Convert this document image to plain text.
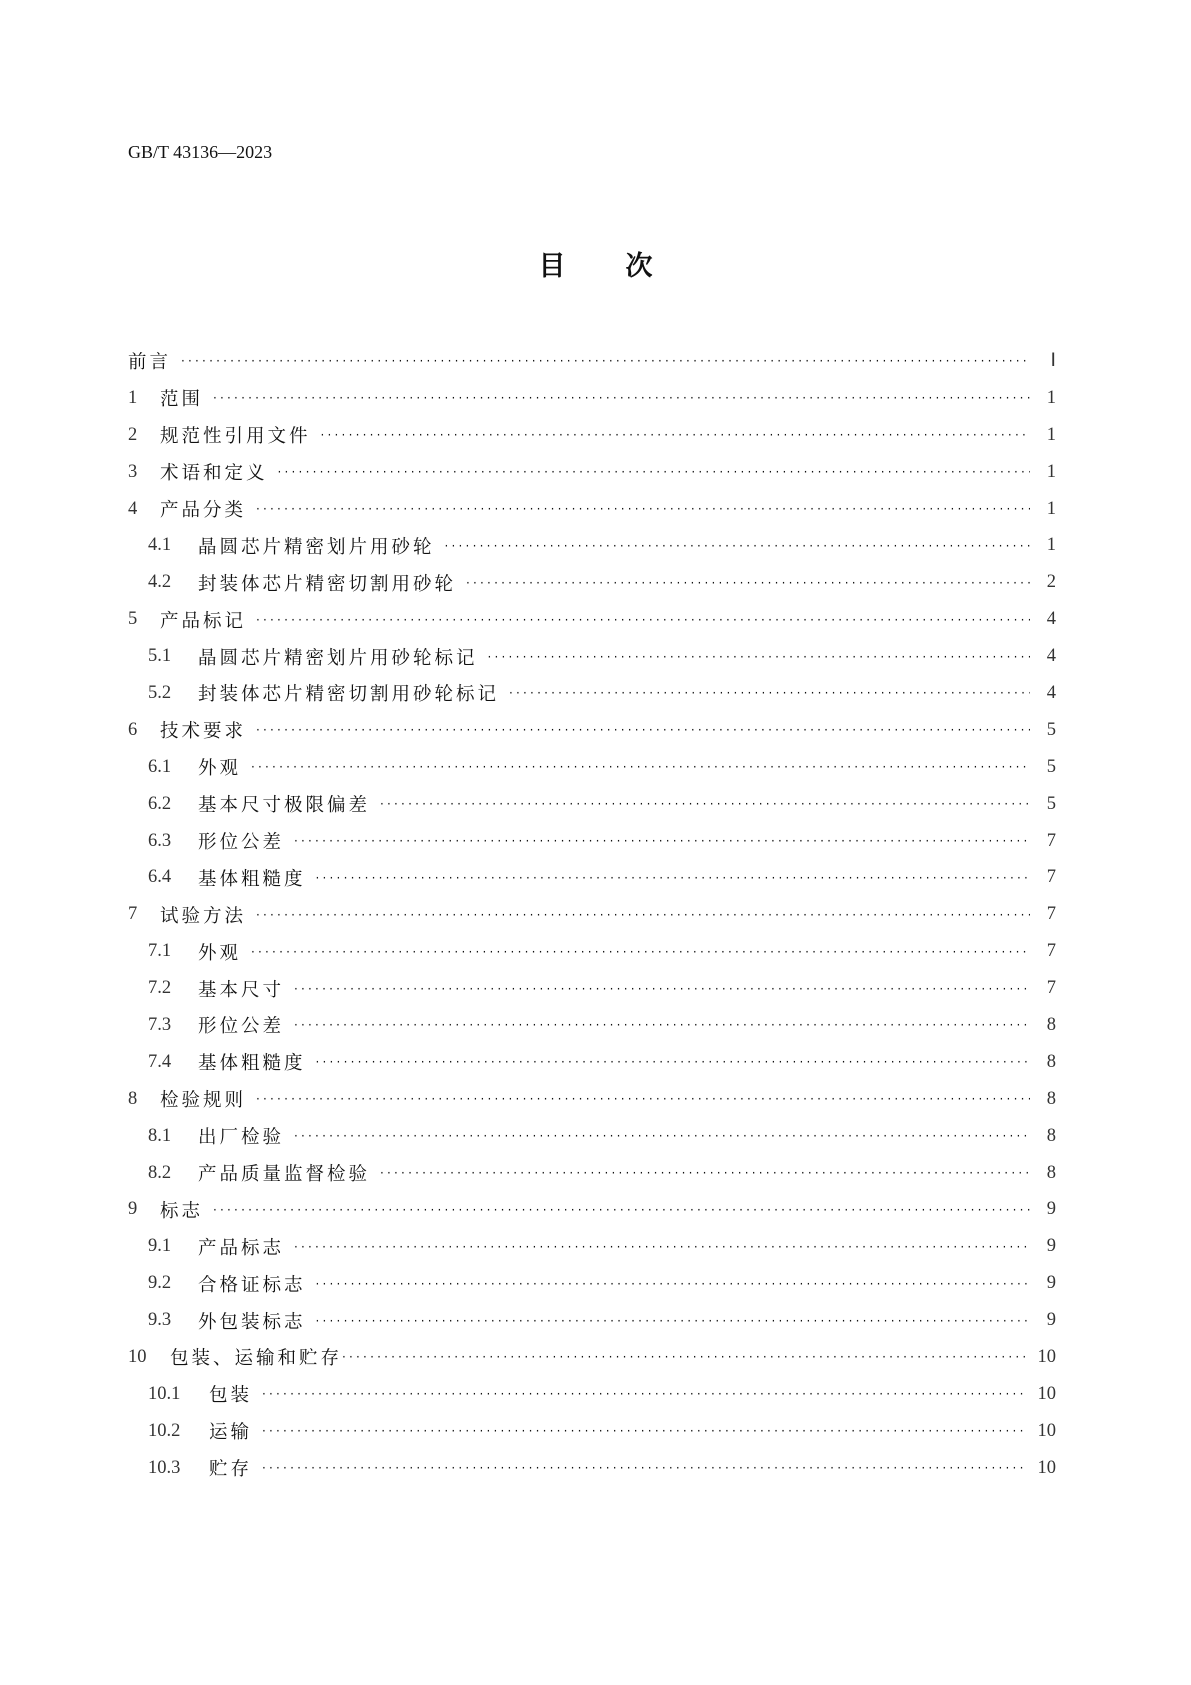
GB/T 43136—2023
目次
前言 ·····	Ⅰ
1	范围 ·····	1
2	规范性引用文件 ·····	1
3	术语和定义 ·····	1
4	产品分类 ·····	1
4.1	晶圆芯片精密划片用砂轮 ·····	1
4.2	封装体芯片精密切割用砂轮 ·····	2
5	产品标记 ·····	4
5.1	晶圆芯片精密划片用砂轮标记 ·····	4
5.2	封装体芯片精密切割用砂轮标记 ·····	4
6	技术要求 ·····	5
6.1	外观 ·····	5
6.2	基本尺寸极限偏差 ·····	5
6.3	形位公差 ·····	7
6.4	基体粗糙度 ·····	7
7	试验方法 ·····	7
7.1	外观 ·····	7
7.2	基本尺寸 ·····	7
7.3	形位公差 ·····	8
7.4	基体粗糙度 ·····	8
8	检验规则 ·····	8
8.1	出厂检验 ·····	8
8.2	产品质量监督检验 ·····	8
9	标志 ·····	9
9.1	产品标志 ·····	9
9.2	合格证标志 ·····	9
9.3	外包装标志 ·····	9
10	包装、运输和贮存 ·····	10
10.1	包装 ·····	10
10.2	运输 ·····	10
10.3	贮存 ·····	10
